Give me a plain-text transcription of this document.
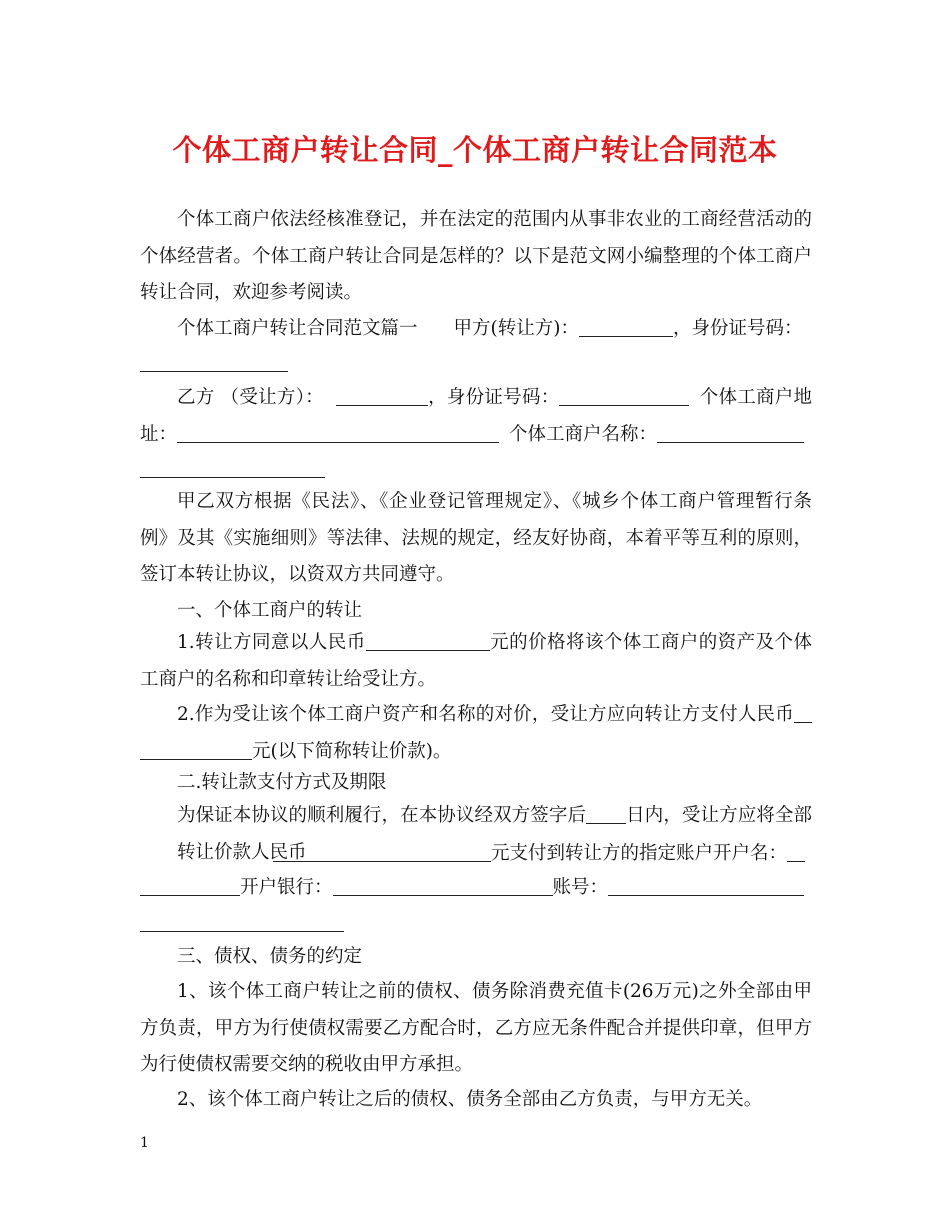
个体工商户转让合同_个体工商户转让合同范本

个体工商户依法经核准登记，并在法定的范围内从事非农业的工商经营活动的个体经营者。个体工商户转让合同是怎样的？以下是范文网小编整理的个体工商户转让合同，欢迎参考阅读。

个体工商户转让合同范文篇一 甲方(转让方)：	，身份证号码：

乙方 （受让方）：	，身份证号码：	个体工商户地址：	个体工商户名称：

甲乙双方根据《民法》、《企业登记管理规定》、《城乡个体工商户管理暂行条例》及其《实施细则》等法律、法规的规定，经友好协商，本着平等互利的原则，签订本转让协议，以资双方共同遵守。

一、个体工商户的转让

1.转让方同意以人民币	元的价格将该个体工商户的资产及个体工商户的名称和印章转让给受让方。

2.作为受让该个体工商户资产和名称的对价，受让方应向转让方支付人民币元(以下简称转让价款)。

二.转让款支付方式及期限

为保证本协议的顺利履行，在本协议经双方签字后 日内，受让方应将全部转让价款人民币	元支付到转让方的指定账户开户名：

开户银行：	账号：

三、债权、债务的约定

1、该个体工商户转让之前的债权、债务除消费充值卡(26万元)之外全部由甲方负责，甲方为行使债权需要乙方配合时，乙方应无条件配合并提供印章，但甲方为行使债权需要交纳的税收由甲方承担。

2、该个体工商户转让之后的债权、债务全部由乙方负责，与甲方无关。

1
